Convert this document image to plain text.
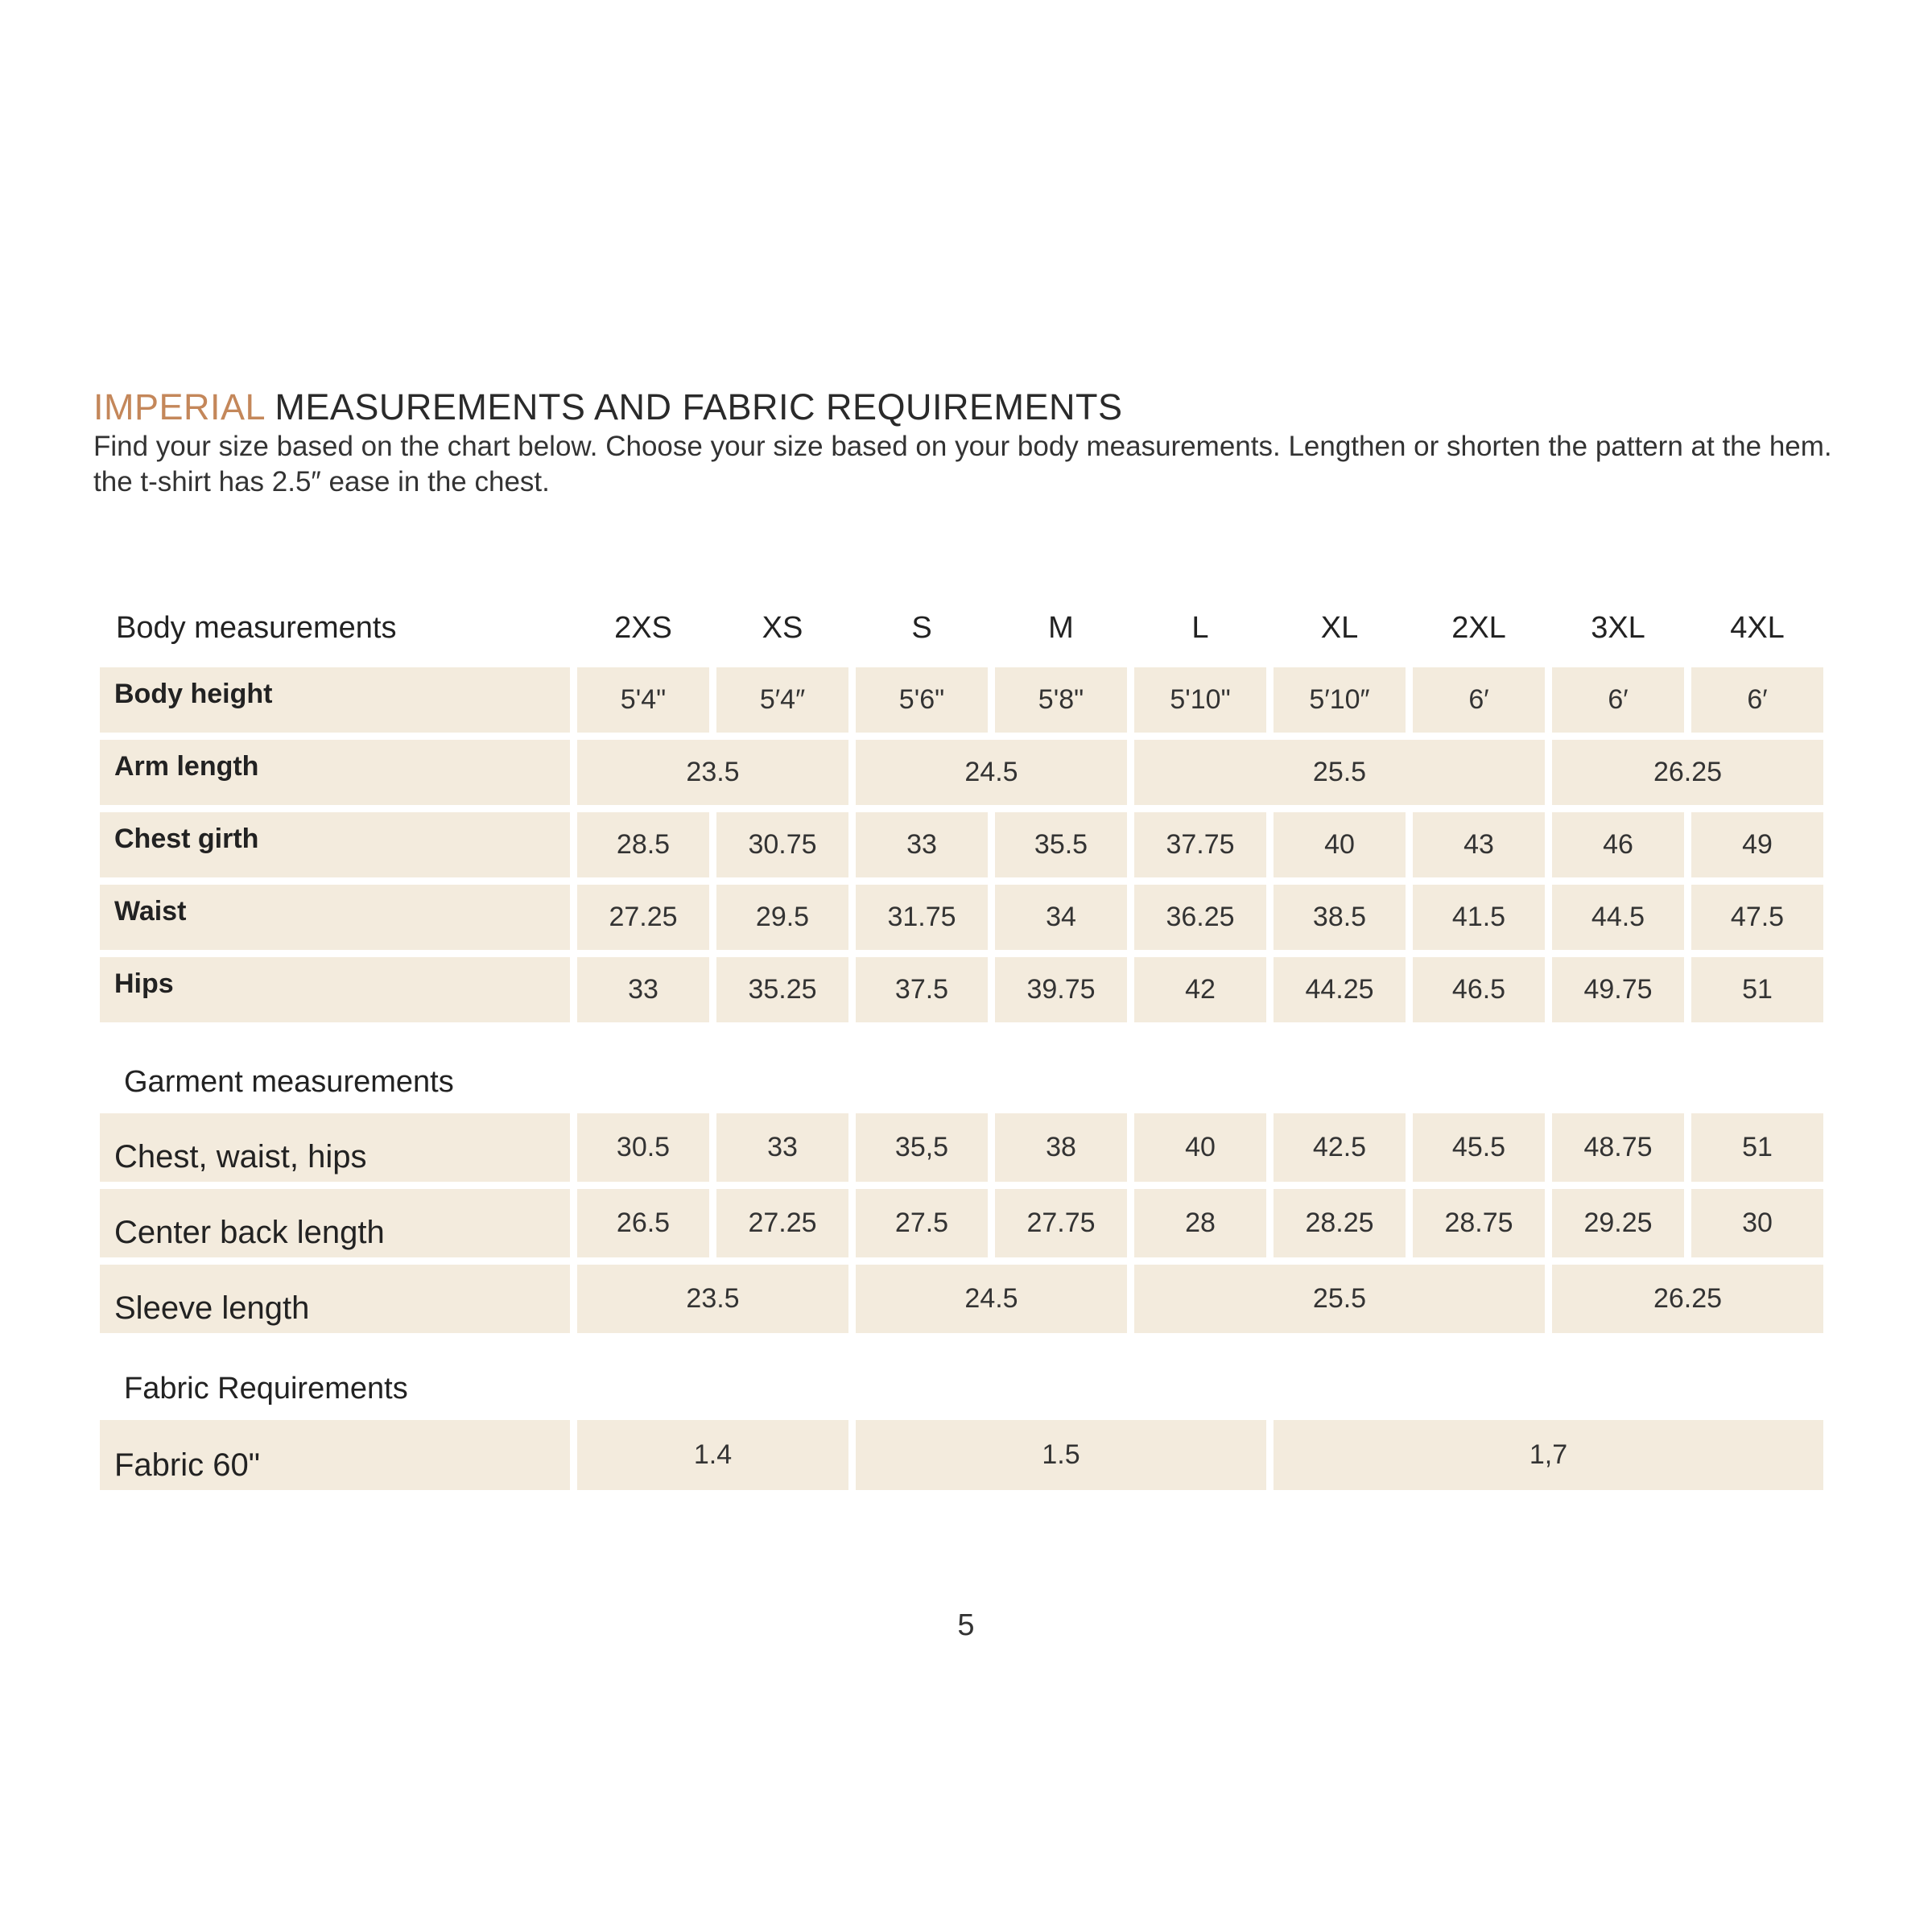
IMPERIAL MEASUREMENTS AND FABRIC REQUIREMENTS
Find your size based on the chart below. Choose your size based on your body measurements. Lengthen or shorten the pattern at the hem. the t-shirt has 2.5″ ease in the chest.
Body measurements	2XS	XS	S	M	L	XL	2XL	3XL	4XL
Body height	5'4"	5′4″	5'6"	5'8"	5'10"	5′10″	6′	6′	6′
Arm length	23.5	24.5	25.5	26.25
Chest girth	28.5	30.75	33	35.5	37.75	40	43	46	49
Waist	27.25	29.5	31.75	34	36.25	38.5	41.5	44.5	47.5
Hips	33	35.25	37.5	39.75	42	44.25	46.5	49.75	51
Garment measurements
Chest, waist, hips	30.5	33	35,5	38	40	42.5	45.5	48.75	51
Center back length	26.5	27.25	27.5	27.75	28	28.25	28.75	29.25	30
Sleeve length	23.5	24.5	25.5	26.25
Fabric Requirements
Fabric 60"	1.4	1.5	1,7
5
